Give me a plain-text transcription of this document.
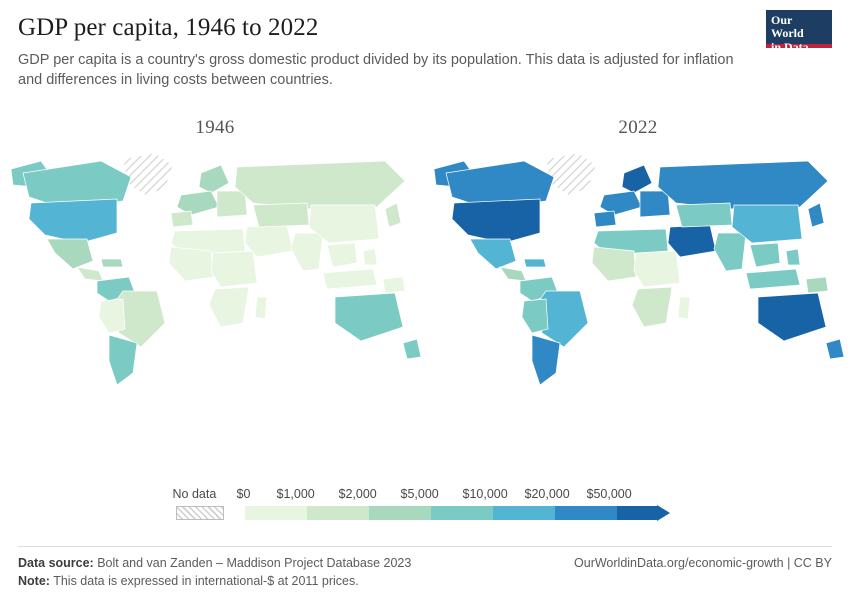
GDP per capita, 1946 to 2022

GDP per capita is a country's gross domestic product divided by its population. This data is adjusted for inflation and differences in living costs between countries.

Our World
in Data
1946	2022
No data $0 $1,000 $2,000 $5,000 $10,000 $20,000 $50,000
Data source: Bolt and van Zanden – Maddison Project Database 2023	OurWorldinData.org/economic-growth | CC BY
Note: This data is expressed in international-$ at 2011 prices.
